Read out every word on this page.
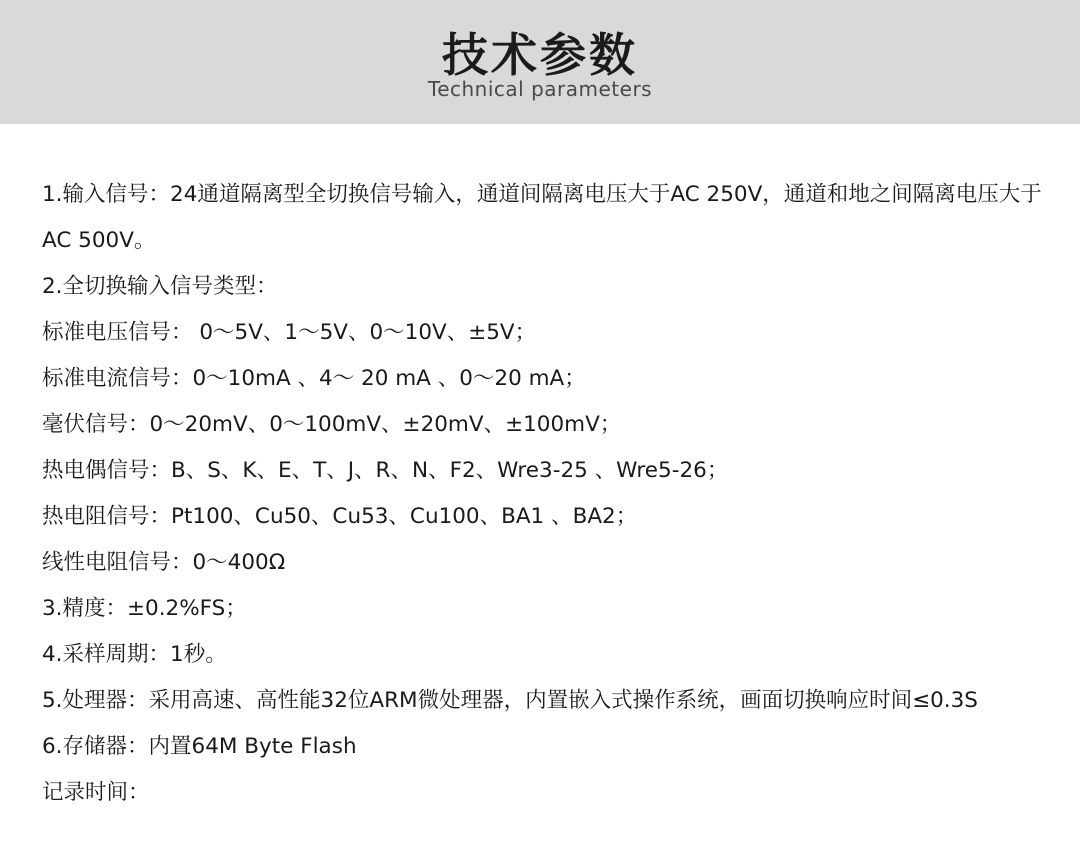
技术参数
Technical parameters
1.输入信号：24通道隔离型全切换信号输入，通道间隔离电压大于AC 250V，通道和地之间隔离电压大于AC 500V。
2.全切换输入信号类型：
标准电压信号： 0～5V、1～5V、0～10V、±5V；
标准电流信号：0～10mA 、4～ 20 mA 、0～20 mA；
毫伏信号：0～20mV、0～100mV、±20mV、±100mV；
热电偶信号：B、S、K、E、T、J、R、N、F2、Wre3-25 、Wre5-26；
热电阻信号：Pt100、Cu50、Cu53、Cu100、BA1 、BA2；
线性电阻信号：0～400Ω
3.精度：±0.2%FS；
4.采样周期：1秒。
5.处理器：采用高速、高性能32位ARM微处理器，内置嵌入式操作系统，画面切换响应时间≤0.3S
6.存储器：内置64M Byte Flash
记录时间：
